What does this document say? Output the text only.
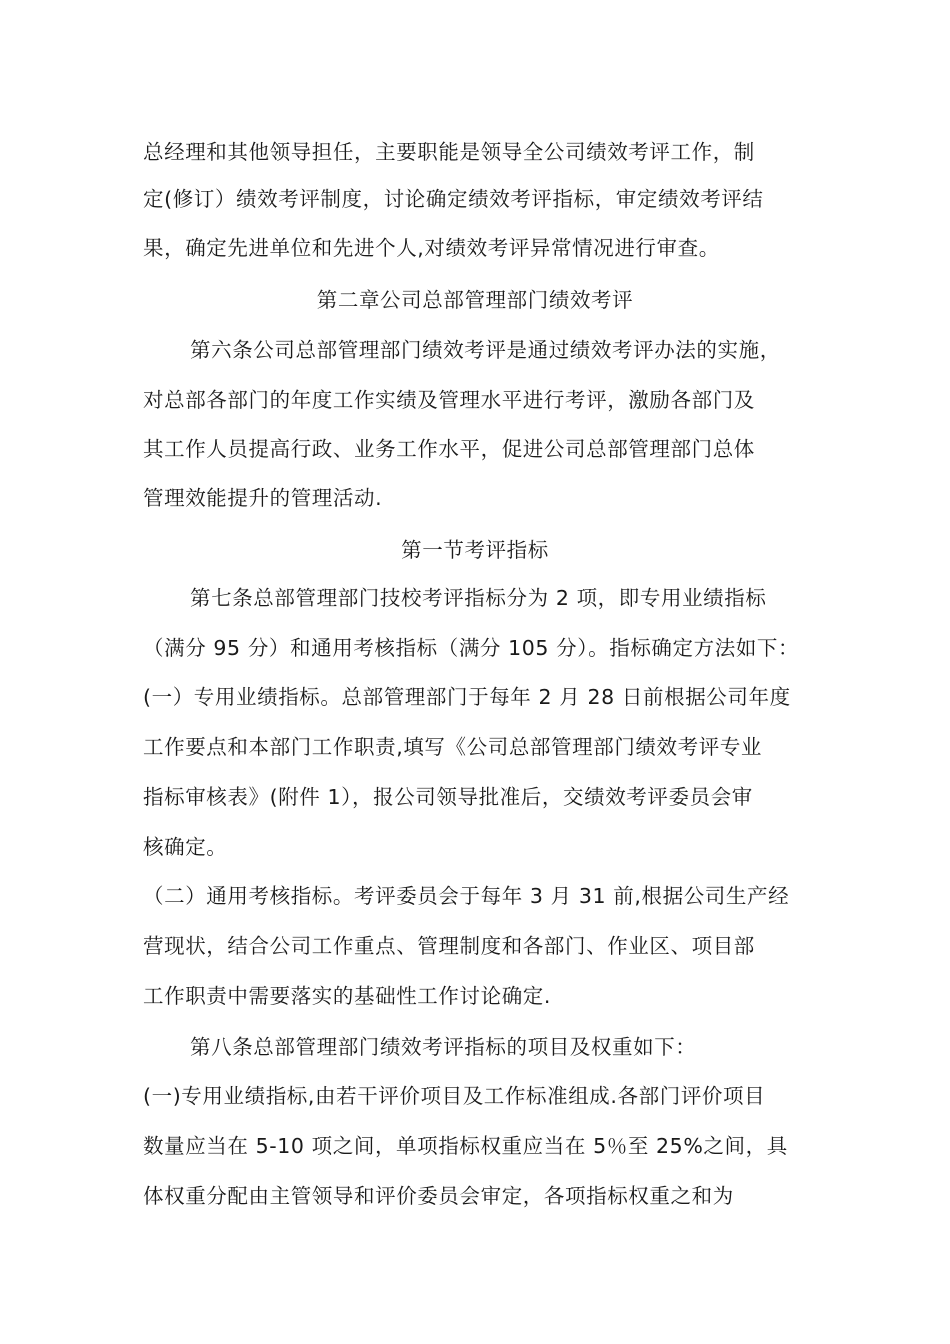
总经理和其他领导担任，主要职能是领导全公司绩效考评工作，制
定(修订）绩效考评制度，讨论确定绩效考评指标，审定绩效考评结
果，确定先进单位和先进个人,对绩效考评异常情况进行审查。
第二章公司总部管理部门绩效考评
第六条公司总部管理部门绩效考评是通过绩效考评办法的实施，
对总部各部门的年度工作实绩及管理水平进行考评，激励各部门及
其工作人员提高行政、业务工作水平，促进公司总部管理部门总体
管理效能提升的管理活动.
第一节考评指标
第七条总部管理部门技校考评指标分为 2 项，即专用业绩指标
（满分 95 分）和通用考核指标（满分 105 分）。指标确定方法如下：
(一）专用业绩指标。总部管理部门于每年 2 月 28 日前根据公司年度
工作要点和本部门工作职责,填写《公司总部管理部门绩效考评专业
指标审核表》(附件 1），报公司领导批准后，交绩效考评委员会审
核确定。
（二）通用考核指标。考评委员会于每年 3 月 31 前,根据公司生产经
营现状，结合公司工作重点、管理制度和各部门、作业区、项目部
工作职责中需要落实的基础性工作讨论确定.
第八条总部管理部门绩效考评指标的项目及权重如下：
(一)专用业绩指标,由若干评价项目及工作标准组成.各部门评价项目
数量应当在 5-10 项之间，单项指标权重应当在 5％至 25%之间，具
体权重分配由主管领导和评价委员会审定，各项指标权重之和为
